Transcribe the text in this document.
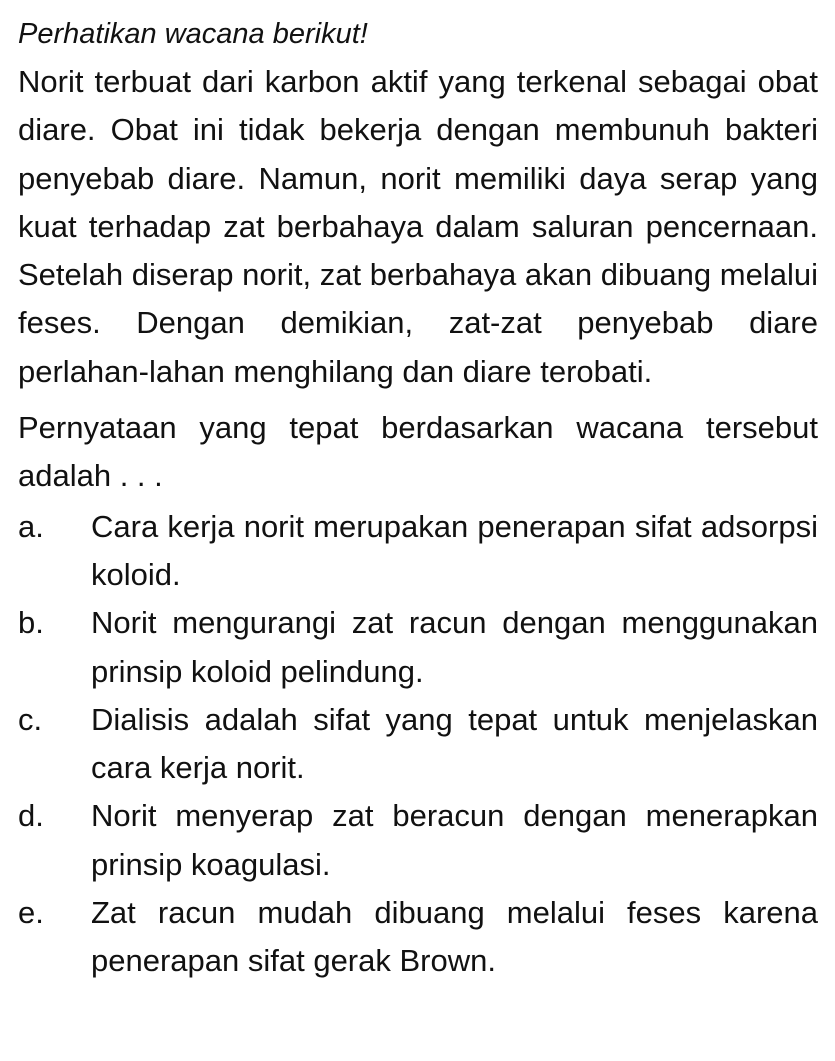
Perhatikan wacana berikut!

Norit terbuat dari karbon aktif yang terkenal sebagai obat diare. Obat ini tidak bekerja dengan membunuh bakteri penyebab diare. Namun, norit memiliki daya serap yang kuat terhadap zat berbahaya dalam saluran pencernaan. Setelah diserap norit, zat berbahaya akan dibuang melalui feses. Dengan demikian, zat-zat penyebab diare perlahan-lahan menghilang dan diare terobati.

Pernyataan yang tepat berdasarkan wacana tersebut adalah . . .

a.	Cara kerja norit merupakan penerapan sifat adsorpsi koloid.
b.	Norit mengurangi zat racun dengan menggunakan prinsip koloid pelindung.
c.	Dialisis adalah sifat yang tepat untuk menjelaskan cara kerja norit.
d.	Norit menyerap zat beracun dengan menerapkan prinsip koagulasi.
e.	Zat racun mudah dibuang melalui feses karena penerapan sifat gerak Brown.
